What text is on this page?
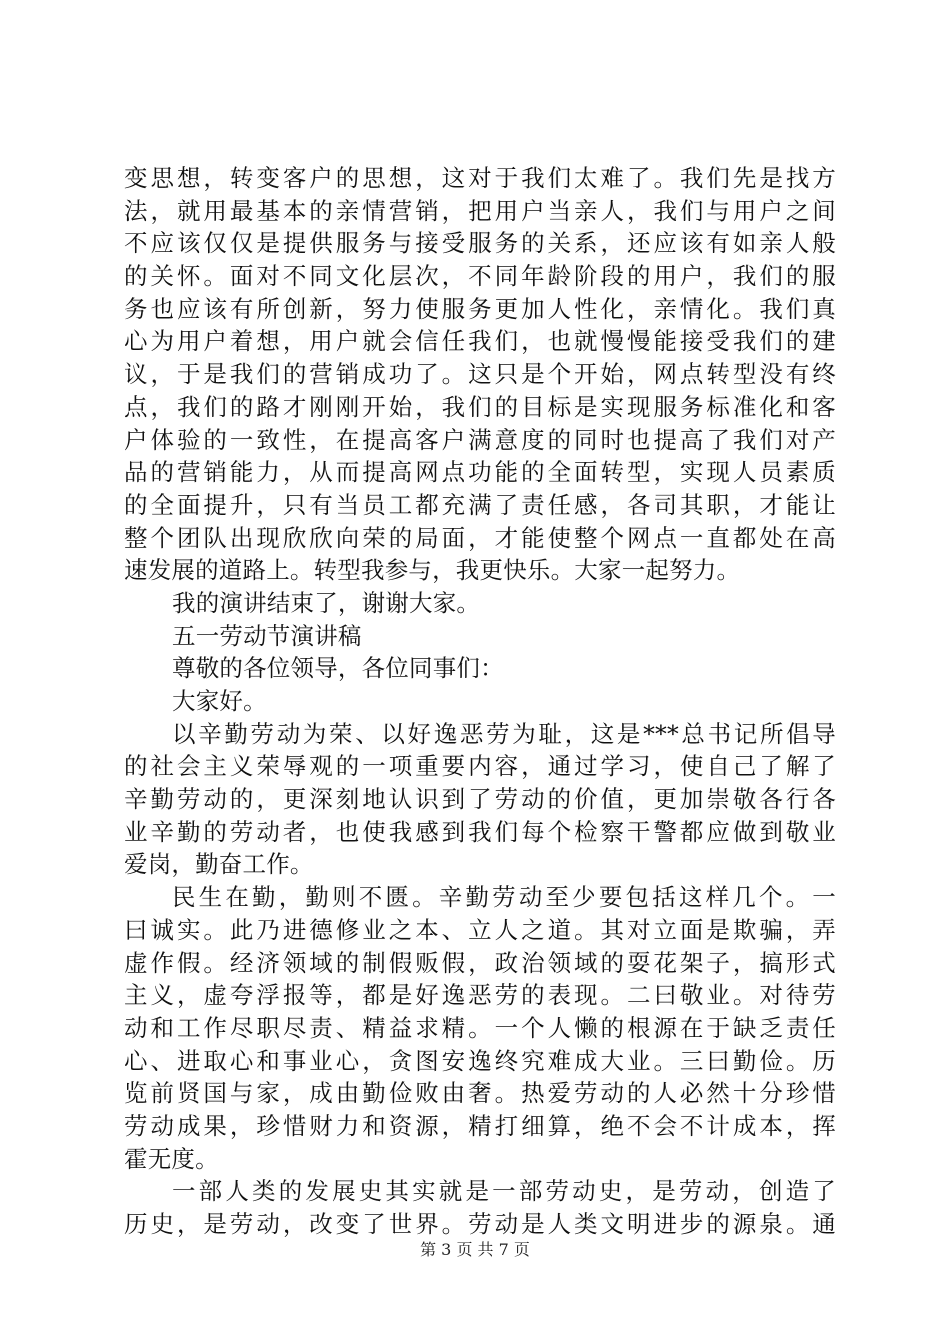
变思想，转变客户的思想，这对于我们太难了。我们先是找方
法，就用最基本的亲情营销，把用户当亲人，我们与用户之间
不应该仅仅是提供服务与接受服务的关系，还应该有如亲人般
的关怀。面对不同文化层次，不同年龄阶段的用户，我们的服
务也应该有所创新，努力使服务更加人性化，亲情化。我们真
心为用户着想，用户就会信任我们，也就慢慢能接受我们的建
议，于是我们的营销成功了。这只是个开始，网点转型没有终
点，我们的路才刚刚开始，我们的目标是实现服务标准化和客
户体验的一致性，在提高客户满意度的同时也提高了我们对产
品的营销能力，从而提高网点功能的全面转型，实现人员素质
的全面提升，只有当员工都充满了责任感，各司其职，才能让
整个团队出现欣欣向荣的局面，才能使整个网点一直都处在高
速发展的道路上。转型我参与，我更快乐。大家一起努力。
我的演讲结束了，谢谢大家。
五一劳动节演讲稿
尊敬的各位领导，各位同事们：
大家好。
以辛勤劳动为荣、以好逸恶劳为耻，这是***总书记所倡导
的社会主义荣辱观的一项重要内容，通过学习，使自己了解了
辛勤劳动的，更深刻地认识到了劳动的价值，更加崇敬各行各
业辛勤的劳动者，也使我感到我们每个检察干警都应做到敬业
爱岗，勤奋工作。
民生在勤，勤则不匮。辛勤劳动至少要包括这样几个。一
曰诚实。此乃进德修业之本、立人之道。其对立面是欺骗，弄
虚作假。经济领域的制假贩假，政治领域的耍花架子，搞形式
主义，虚夸浮报等，都是好逸恶劳的表现。二曰敬业。对待劳
动和工作尽职尽责、精益求精。一个人懒的根源在于缺乏责任
心、进取心和事业心，贪图安逸终究难成大业。三曰勤俭。历
览前贤国与家，成由勤俭败由奢。热爱劳动的人必然十分珍惜
劳动成果，珍惜财力和资源，精打细算，绝不会不计成本，挥
霍无度。
一部人类的发展史其实就是一部劳动史，是劳动，创造了
历史，是劳动，改变了世界。劳动是人类文明进步的源泉。通
第 3 页 共 7 页
